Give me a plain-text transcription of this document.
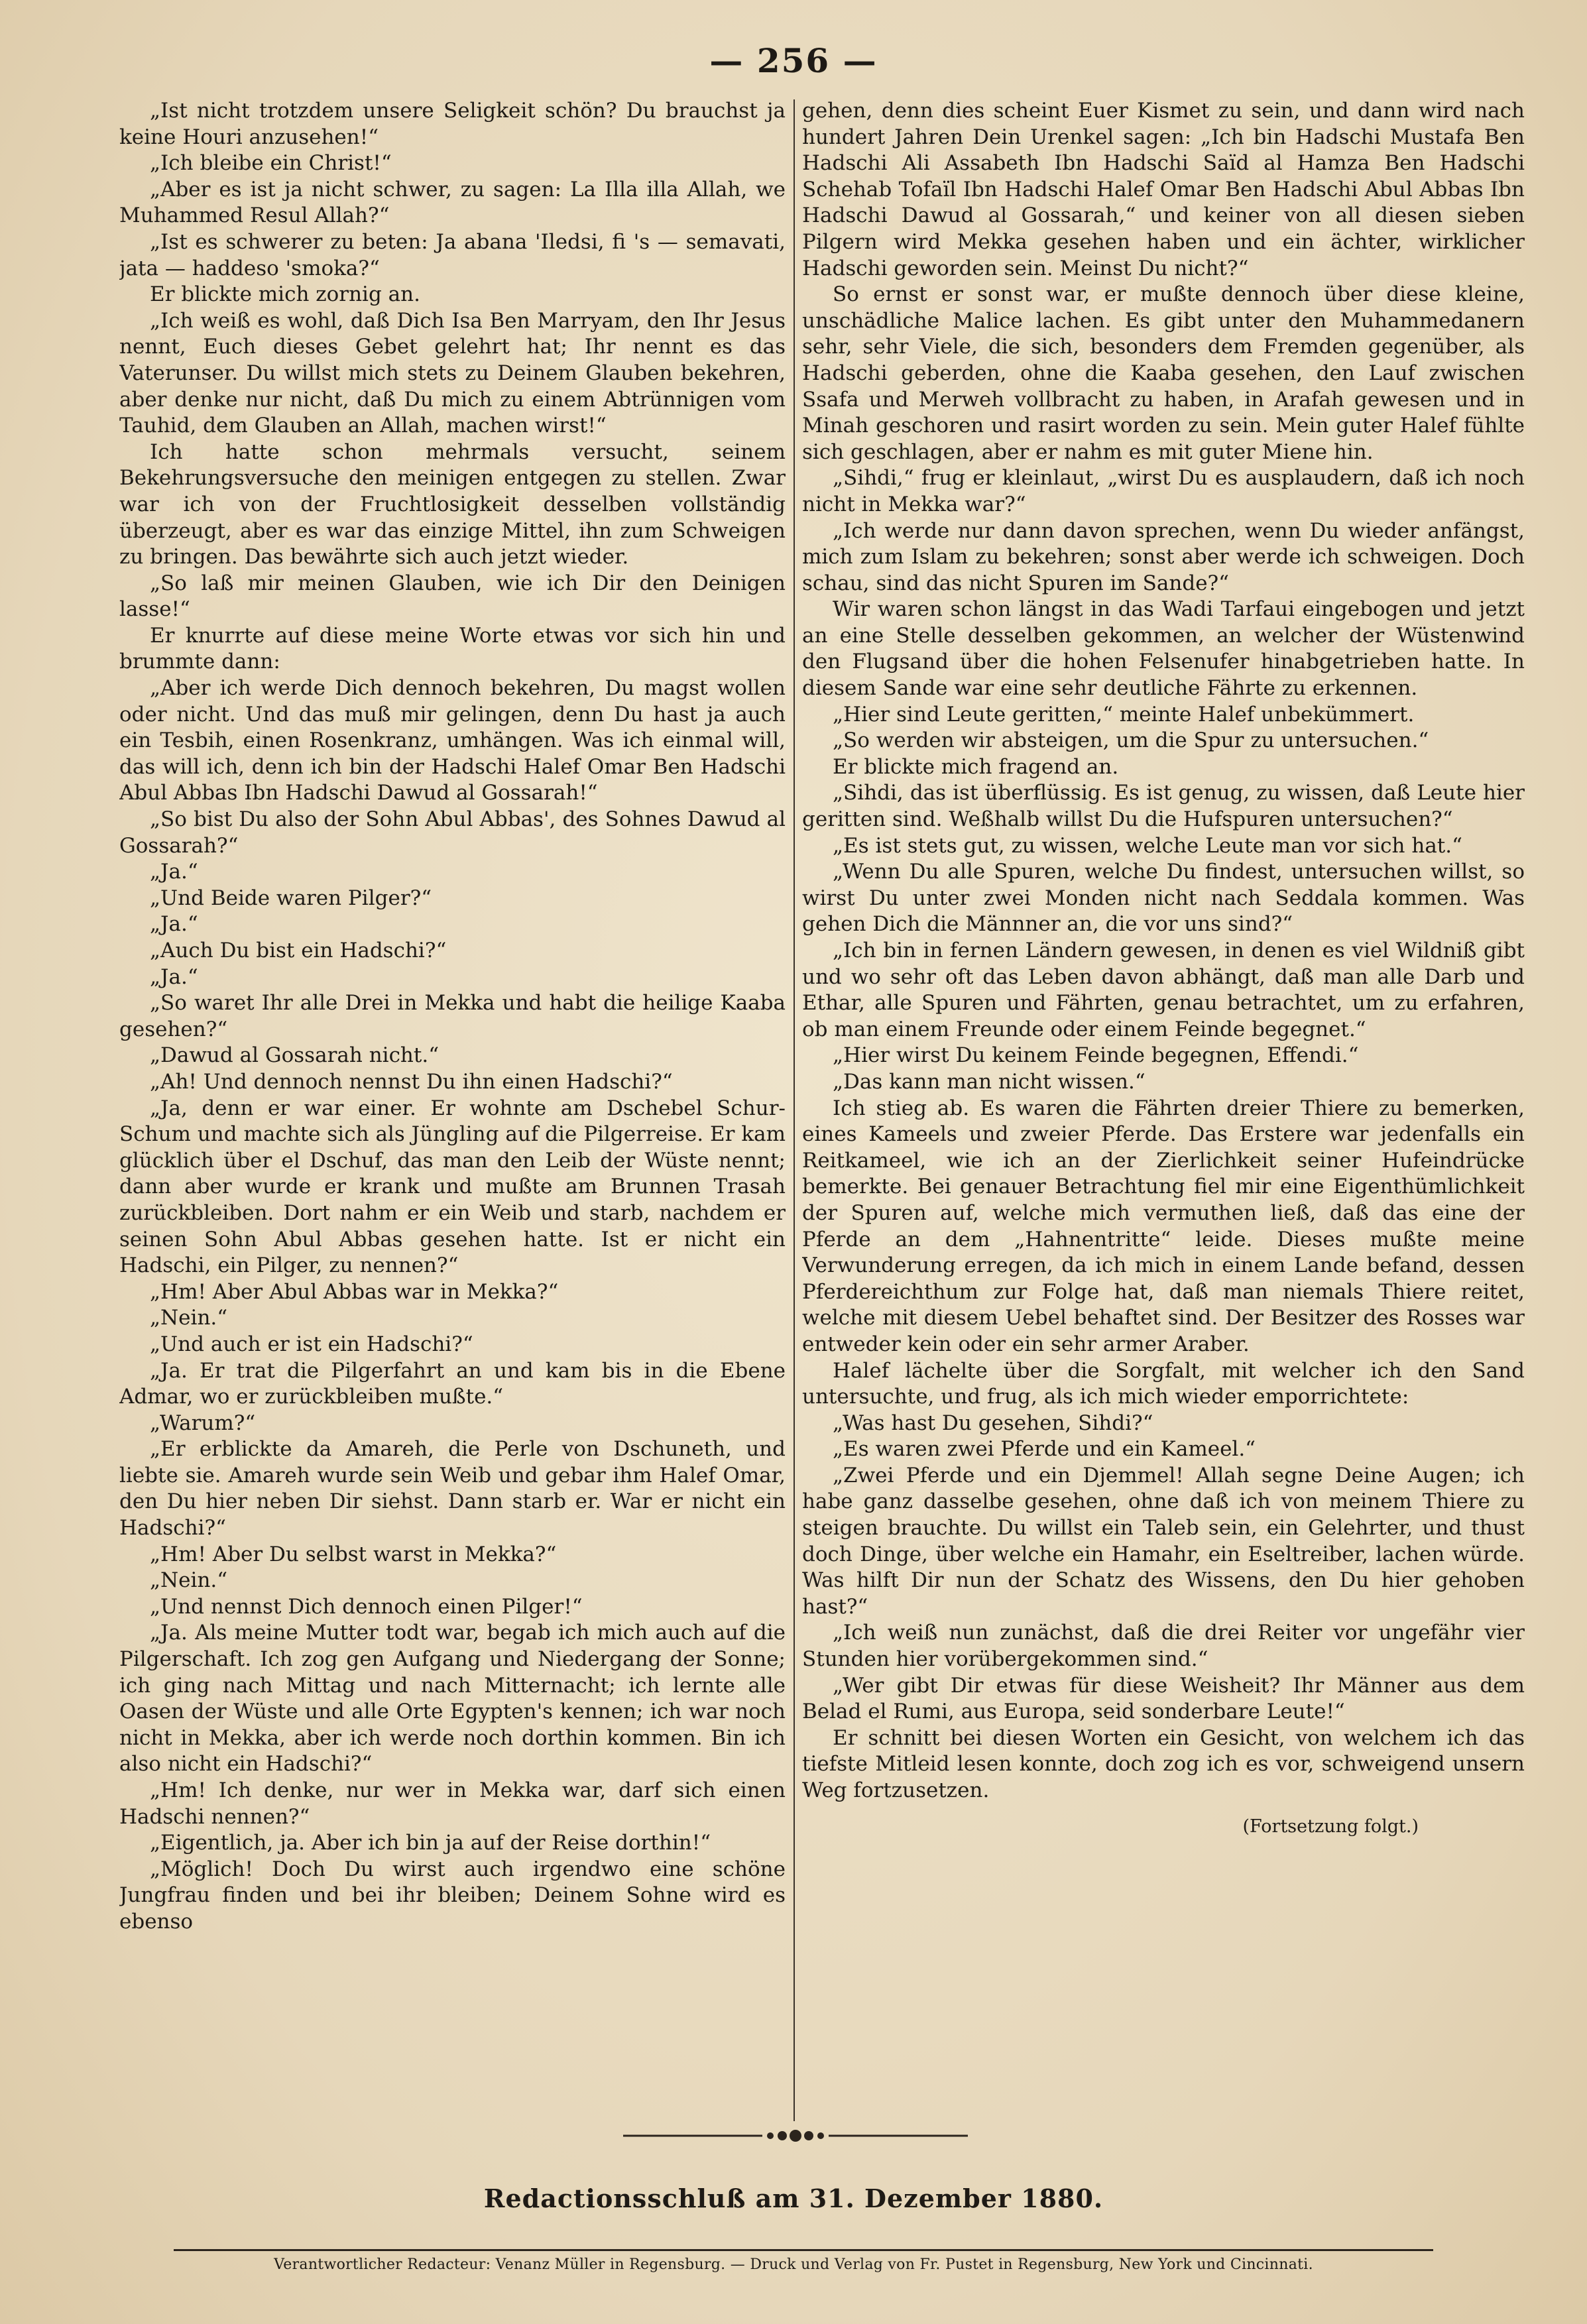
— 256 —

„Ist nicht trotzdem unsere Seligkeit schön? Du brauchst ja keine Houri anzusehen!“

„Ich bleibe ein Christ!“

„Aber es ist ja nicht schwer, zu sagen: La Illa illa Allah, we Muhammed Resul Allah?“

„Ist es schwerer zu beten: Ja abana 'Iledsi, fi 's — semavati, jata — haddeso 'smoka?“

Er blickte mich zornig an.

„Ich weiß es wohl, daß Dich Isa Ben Marryam, den Ihr Jesus nennt, Euch dieses Gebet gelehrt hat; Ihr nennt es das Vaterunser. Du willst mich stets zu Deinem Glauben bekehren, aber denke nur nicht, daß Du mich zu einem Abtrünnigen vom Tauhid, dem Glauben an Allah, machen wirst!“

Ich hatte schon mehrmals versucht, seinem Bekehrungsversuche den meinigen entgegen zu stellen. Zwar war ich von der Fruchtlosigkeit desselben vollständig überzeugt, aber es war das einzige Mittel, ihn zum Schweigen zu bringen. Das bewährte sich auch jetzt wieder.

„So laß mir meinen Glauben, wie ich Dir den Deinigen lasse!“

Er knurrte auf diese meine Worte etwas vor sich hin und brummte dann:

„Aber ich werde Dich dennoch bekehren, Du magst wollen oder nicht. Und das muß mir gelingen, denn Du hast ja auch ein Tesbih, einen Rosenkranz, umhängen. Was ich einmal will, das will ich, denn ich bin der Hadschi Halef Omar Ben Hadschi Abul Abbas Ibn Hadschi Dawud al Gossarah!“

„So bist Du also der Sohn Abul Abbas', des Sohnes Dawud al Gossarah?“

„Ja.“

„Und Beide waren Pilger?“

„Ja.“

„Auch Du bist ein Hadschi?“

„Ja.“

„So waret Ihr alle Drei in Mekka und habt die heilige Kaaba gesehen?“

„Dawud al Gossarah nicht.“

„Ah! Und dennoch nennst Du ihn einen Hadschi?“

„Ja, denn er war einer. Er wohnte am Dschebel Schur-Schum und machte sich als Jüngling auf die Pilgerreise. Er kam glücklich über el Dschuf, das man den Leib der Wüste nennt; dann aber wurde er krank und mußte am Brunnen Trasah zurückbleiben. Dort nahm er ein Weib und starb, nachdem er seinen Sohn Abul Abbas gesehen hatte. Ist er nicht ein Hadschi, ein Pilger, zu nennen?“

„Hm! Aber Abul Abbas war in Mekka?“

„Nein.“

„Und auch er ist ein Hadschi?“

„Ja. Er trat die Pilgerfahrt an und kam bis in die Ebene Admar, wo er zurückbleiben mußte.“

„Warum?“

„Er erblickte da Amareh, die Perle von Dschuneth, und liebte sie. Amareh wurde sein Weib und gebar ihm Halef Omar, den Du hier neben Dir siehst. Dann starb er. War er nicht ein Hadschi?“

„Hm! Aber Du selbst warst in Mekka?“

„Nein.“

„Und nennst Dich dennoch einen Pilger!“

„Ja. Als meine Mutter todt war, begab ich mich auch auf die Pilgerschaft. Ich zog gen Aufgang und Niedergang der Sonne; ich ging nach Mittag und nach Mitternacht; ich lernte alle Oasen der Wüste und alle Orte Egypten's kennen; ich war noch nicht in Mekka, aber ich werde noch dorthin kommen. Bin ich also nicht ein Hadschi?“

„Hm! Ich denke, nur wer in Mekka war, darf sich einen Hadschi nennen?“

„Eigentlich, ja. Aber ich bin ja auf der Reise dorthin!“

„Möglich! Doch Du wirst auch irgendwo eine schöne Jungfrau finden und bei ihr bleiben; Deinem Sohne wird es ebenso

gehen, denn dies scheint Euer Kismet zu sein, und dann wird nach hundert Jahren Dein Urenkel sagen: „Ich bin Hadschi Mustafa Ben Hadschi Ali Assabeth Ibn Hadschi Saïd al Hamza Ben Hadschi Schehab Tofaïl Ibn Hadschi Halef Omar Ben Hadschi Abul Abbas Ibn Hadschi Dawud al Gossarah,“ und keiner von all diesen sieben Pilgern wird Mekka gesehen haben und ein ächter, wirklicher Hadschi geworden sein. Meinst Du nicht?“

So ernst er sonst war, er mußte dennoch über diese kleine, unschädliche Malice lachen. Es gibt unter den Muhammedanern sehr, sehr Viele, die sich, besonders dem Fremden gegenüber, als Hadschi geberden, ohne die Kaaba gesehen, den Lauf zwischen Ssafa und Merweh vollbracht zu haben, in Arafah gewesen und in Minah geschoren und rasirt worden zu sein. Mein guter Halef fühlte sich geschlagen, aber er nahm es mit guter Miene hin.

„Sihdi,“ frug er kleinlaut, „wirst Du es ausplaudern, daß ich noch nicht in Mekka war?“

„Ich werde nur dann davon sprechen, wenn Du wieder anfängst, mich zum Islam zu bekehren; sonst aber werde ich schweigen. Doch schau, sind das nicht Spuren im Sande?“

Wir waren schon längst in das Wadi Tarfaui eingebogen und jetzt an eine Stelle desselben gekommen, an welcher der Wüstenwind den Flugsand über die hohen Felsenufer hinabgetrieben hatte. In diesem Sande war eine sehr deutliche Fährte zu erkennen.

„Hier sind Leute geritten,“ meinte Halef unbekümmert.

„So werden wir absteigen, um die Spur zu untersuchen.“

Er blickte mich fragend an.

„Sihdi, das ist überflüssig. Es ist genug, zu wissen, daß Leute hier geritten sind. Weßhalb willst Du die Hufspuren untersuchen?“

„Es ist stets gut, zu wissen, welche Leute man vor sich hat.“

„Wenn Du alle Spuren, welche Du findest, untersuchen willst, so wirst Du unter zwei Monden nicht nach Seddala kommen. Was gehen Dich die Männner an, die vor uns sind?“

„Ich bin in fernen Ländern gewesen, in denen es viel Wildniß gibt und wo sehr oft das Leben davon abhängt, daß man alle Darb und Ethar, alle Spuren und Fährten, genau betrachtet, um zu erfahren, ob man einem Freunde oder einem Feinde begegnet.“

„Hier wirst Du keinem Feinde begegnen, Effendi.“

„Das kann man nicht wissen.“

Ich stieg ab. Es waren die Fährten dreier Thiere zu bemerken, eines Kameels und zweier Pferde. Das Erstere war jedenfalls ein Reitkameel, wie ich an der Zierlichkeit seiner Hufeindrücke bemerkte. Bei genauer Betrachtung fiel mir eine Eigenthümlichkeit der Spuren auf, welche mich vermuthen ließ, daß das eine der Pferde an dem „Hahnentritte“ leide. Dieses mußte meine Verwunderung erregen, da ich mich in einem Lande befand, dessen Pferdereichthum zur Folge hat, daß man niemals Thiere reitet, welche mit diesem Uebel behaftet sind. Der Besitzer des Rosses war entweder kein oder ein sehr armer Araber.

Halef lächelte über die Sorgfalt, mit welcher ich den Sand untersuchte, und frug, als ich mich wieder emporrichtete:

„Was hast Du gesehen, Sihdi?“

„Es waren zwei Pferde und ein Kameel.“

„Zwei Pferde und ein Djemmel! Allah segne Deine Augen; ich habe ganz dasselbe gesehen, ohne daß ich von meinem Thiere zu steigen brauchte. Du willst ein Taleb sein, ein Gelehrter, und thust doch Dinge, über welche ein Hamahr, ein Eseltreiber, lachen würde. Was hilft Dir nun der Schatz des Wissens, den Du hier gehoben hast?“

„Ich weiß nun zunächst, daß die drei Reiter vor ungefähr vier Stunden hier vorübergekommen sind.“

„Wer gibt Dir etwas für diese Weisheit? Ihr Männer aus dem Belad el Rumi, aus Europa, seid sonderbare Leute!“

Er schnitt bei diesen Worten ein Gesicht, von welchem ich das tiefste Mitleid lesen konnte, doch zog ich es vor, schweigend unsern Weg fortzusetzen.

(Fortsetzung folgt.)
Redactionsschluß am 31. Dezember 1880.
Verantwortlicher Redacteur: Venanz Müller in Regensburg. — Druck und Verlag von Fr. Pustet in Regensburg, New York und Cincinnati.
